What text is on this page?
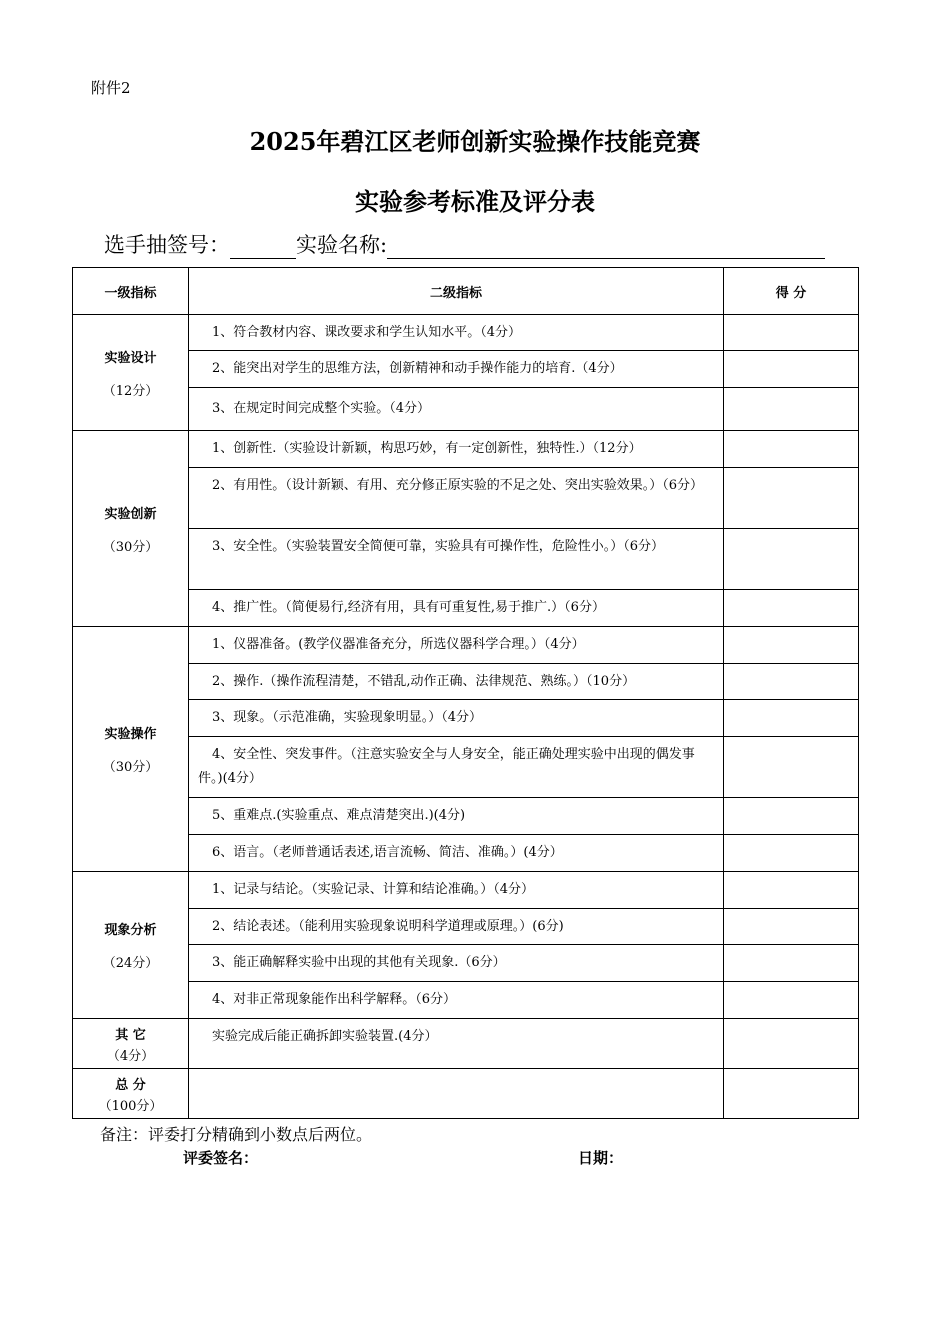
附件2
2025年碧江区老师创新实验操作技能竞赛
实验参考标准及评分表
选手抽签号：	实验名称:
一级指标	二级指标	得 分

实验设计
（12分）	1、符合教材内容、课改要求和学生认知水平。（4分）	

	2、能突出对学生的思维方法，创新精神和动手操作能力的培育.（4分）	

	3、在规定时间完成整个实验。（4分）	

实验创新
（30分）	1、创新性.（实验设计新颖，构思巧妙，有一定创新性，独特性.）（12分）	

	2、有用性。（设计新颖、有用、充分修正原实验的不足之处、突出实验效果。）（6分）	

	3、安全性。（实验装置安全简便可靠，实验具有可操作性，危险性小。）（6分）	

	4、推广性。（简便易行,经济有用，具有可重复性,易于推广.）（6分）	

实验操作
（30分）	1、仪器准备。(教学仪器准备充分，所选仪器科学合理。）（4分）	

	2、操作.（操作流程清楚，不错乱,动作正确、法律规范、熟练。）（10分）	

	3、现象。（示范准确，实验现象明显。）（4分）	

	4、安全性、突发事件。（注意实验安全与人身安全，能正确处理实验中出现的偶发事件。)(4分）	

	5、重难点.(实验重点、难点清楚突出.)(4分)	

	6、语言。（老师普通话表述,语言流畅、简洁、准确。）(4分）	

现象分析
（24分）	1、记录与结论。（实验记录、计算和结论准确。）（4分）	

	2、结论表述。（能利用实验现象说明科学道理或原理。）(6分)	

	3、能正确解释实验中出现的其他有关现象.（6分）	

	4、对非正常现象能作出科学解释。（6分）	

其 它
（4分）	实验完成后能正确拆卸实验装置.(4分）	

总 分
（100分）		

备注：评委打分精确到小数点后两位。
评委签名：	日期：
